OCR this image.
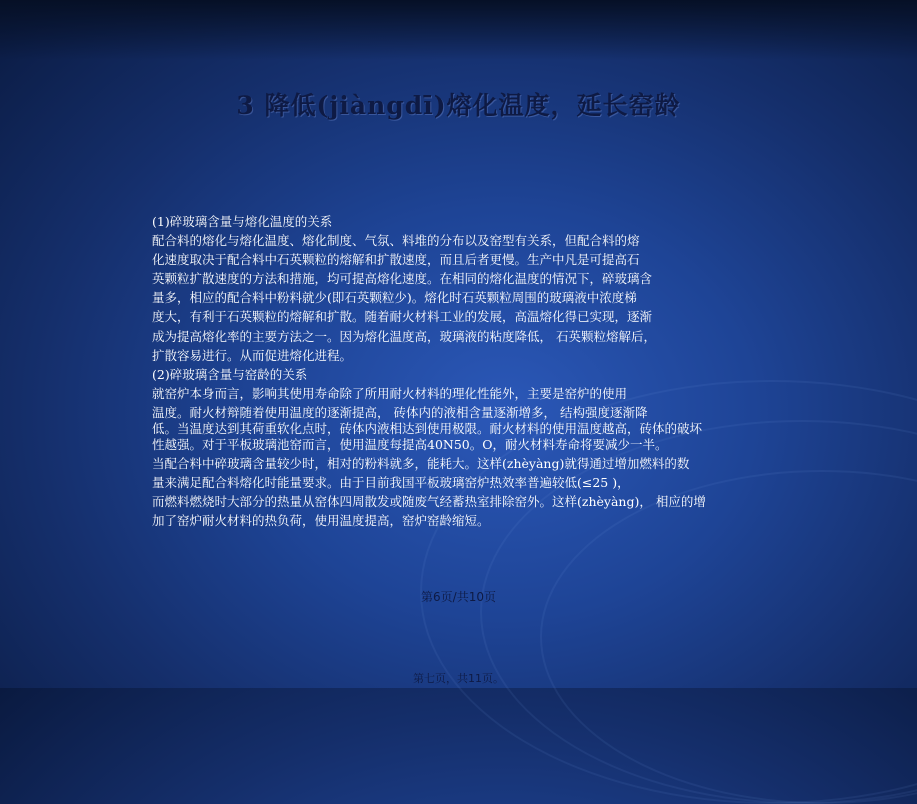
3 降低(jiàngdī)熔化温度，延长窑龄
(1)碎玻璃含量与熔化温度的关系
配合料的熔化与熔化温度、熔化制度、气氛、料堆的分布以及窑型有关系，但配合料的熔
化速度取决于配合料中石英颗粒的熔解和扩散速度，而且后者更慢。生产中凡是可提高石
英颗粒扩散速度的方法和措施，均可提高熔化速度。在相同的熔化温度的情况下，碎玻璃含
量多，相应的配合料中粉料就少(即石英颗粒少)。熔化时石英颗粒周围的玻璃液中浓度梯
度大，有利于石英颗粒的熔解和扩散。随着耐火材料工业的发展，高温熔化得已实现，逐渐
成为提高熔化率的主要方法之一。因为熔化温度高，玻璃液的粘度降低， 石英颗粒熔解后，
扩散容易进行。从而促进熔化进程。
(2)碎玻璃含量与窑龄的关系
就窑炉本身而言，影响其使用寿命除了所用耐火材料的理化性能外，主要是窑炉的使用
温度。耐火材辩随着使用温度的逐渐提高， 砖体内的液相含量逐渐增多， 结构强度逐渐降
低。当温度达到其荷重软化点时，砖体内液相达到使用极限。耐火材料的使用温度越高，砖体的破坏
性越强。对于平板玻璃池窑而言，使用温度每提高40N50。O，耐火材料寿命将要减少一半。
当配合料中碎玻璃含量较少时，相对的粉料就多，能耗大。这样(zhèyàng)就得通过增加燃料的数
量来满足配合料熔化时能量要求。由于目前我国平板玻璃窑炉热效率普遍较低(≤25 )，
而燃料燃烧时大部分的热量从窑体四周散发或随废气经蓄热室排除窑外。这样(zhèyàng)， 相应的增
加了窑炉耐火材料的热负荷，使用温度提高，窑炉窑龄缩短。
第6页/共10页
第七页，共11页。
